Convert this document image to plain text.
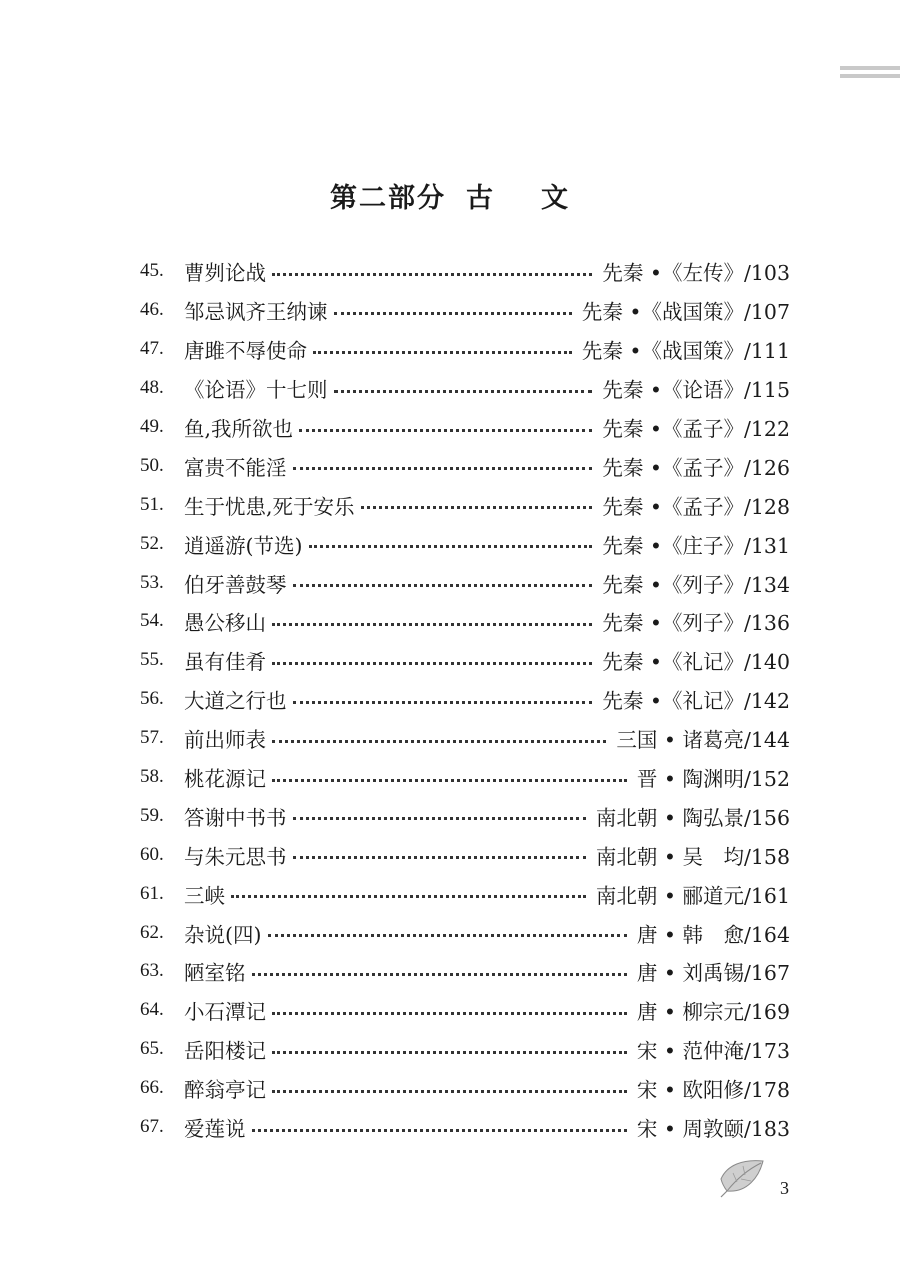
第二部分 古 文
45. 曹刿论战	先秦 •《左传》/103
46. 邹忌讽齐王纳谏	先秦 •《战国策》/107
47. 唐雎不辱使命	先秦 •《战国策》/111
48. 《论语》十七则	先秦 •《论语》/115
49. 鱼,我所欲也	先秦 •《孟子》/122
50. 富贵不能淫	先秦 •《孟子》/126
51. 生于忧患,死于安乐	先秦 •《孟子》/128
52. 逍遥游(节选)	先秦 •《庄子》/131
53. 伯牙善鼓琴	先秦 •《列子》/134
54. 愚公移山	先秦 •《列子》/136
55. 虽有佳肴	先秦 •《礼记》/140
56. 大道之行也	先秦 •《礼记》/142
57. 前出师表	三国 • 诸葛亮/144
58. 桃花源记	晋 • 陶渊明/152
59. 答谢中书书	南北朝 • 陶弘景/156
60. 与朱元思书	南北朝 • 吴　均/158
61. 三峡	南北朝 • 郦道元/161
62. 杂说(四)	唐 • 韩　愈/164
63. 陋室铭	唐 • 刘禹锡/167
64. 小石潭记	唐 • 柳宗元/169
65. 岳阳楼记	宋 • 范仲淹/173
66. 醉翁亭记	宋 • 欧阳修/178
67. 爱莲说	宋 • 周敦颐/183
3
